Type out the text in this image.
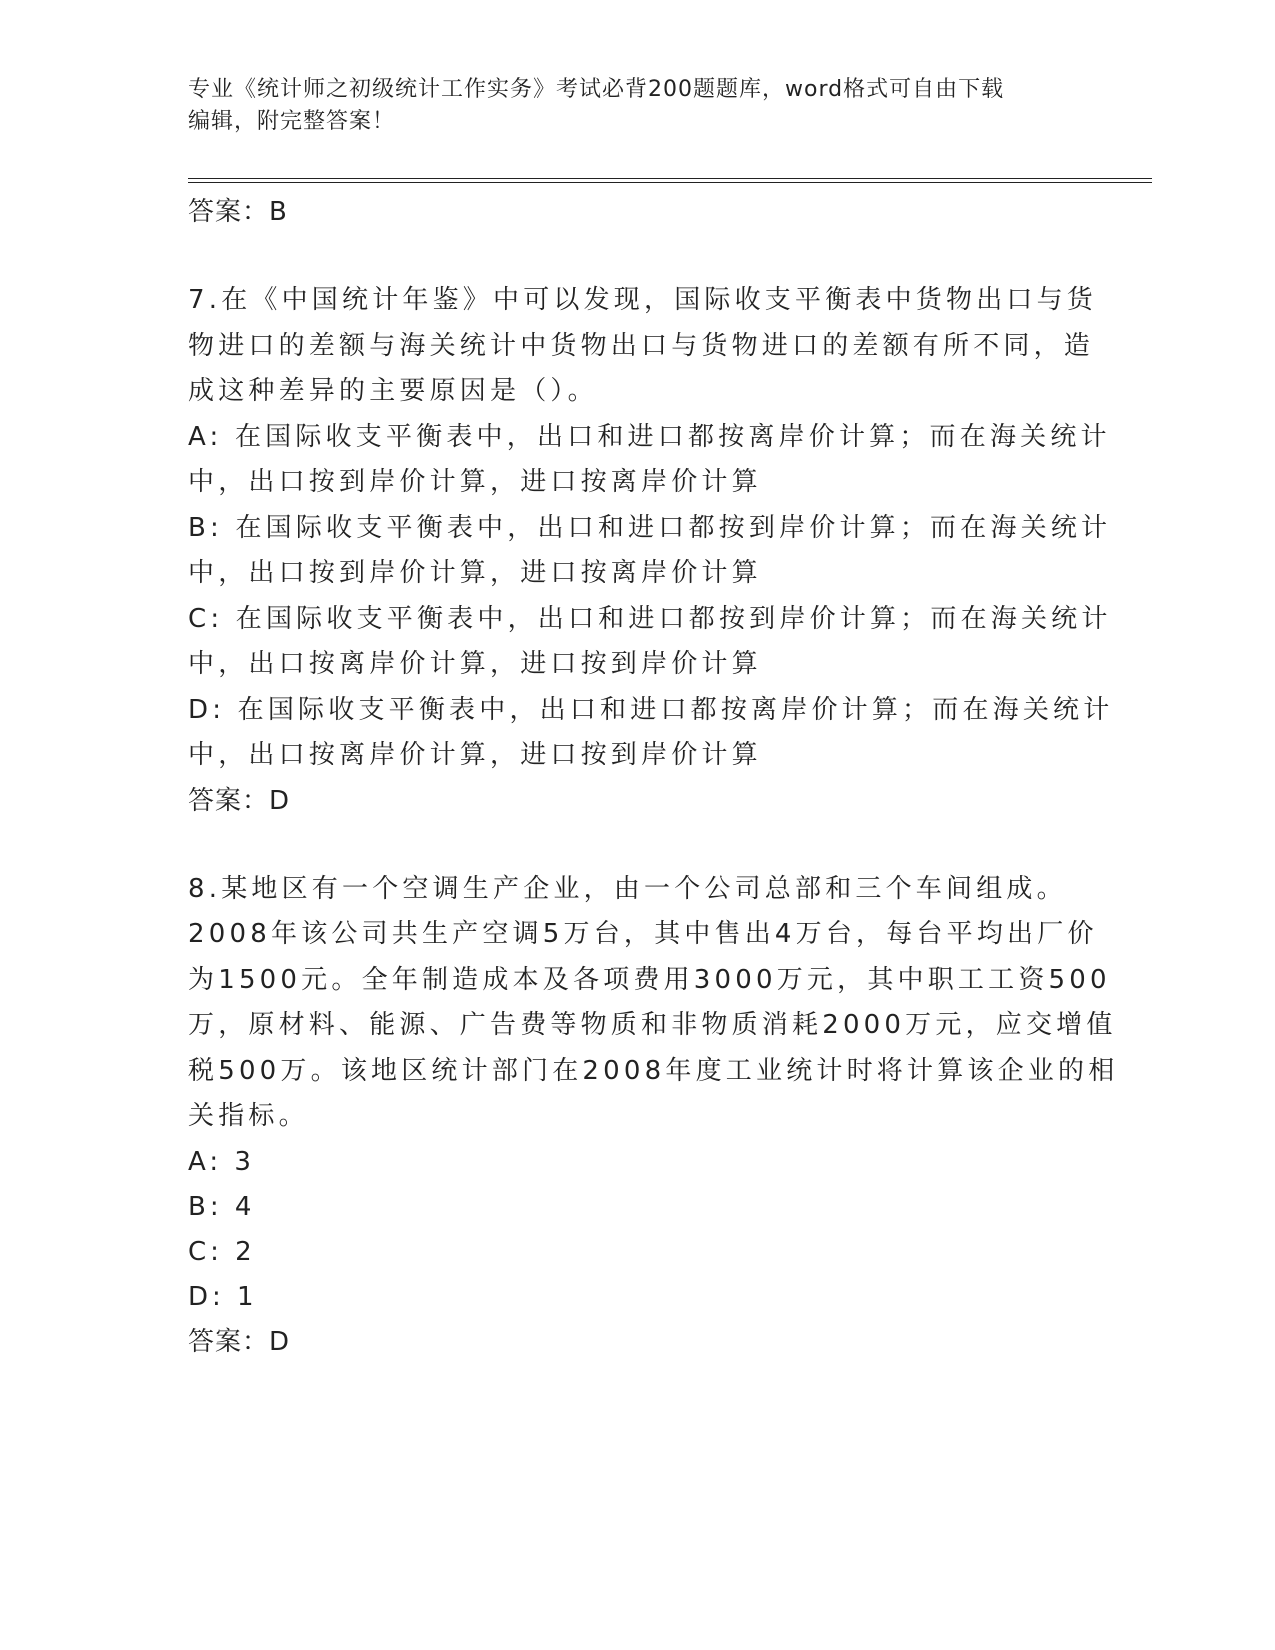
专业《统计师之初级统计工作实务》考试必背200题题库，word格式可自由下载
编辑，附完整答案！
答案：B
7.在《中国统计年鉴》中可以发现，国际收支平衡表中货物出口与货
物进口的差额与海关统计中货物出口与货物进口的差额有所不同，造
成这种差异的主要原因是（）。
A: 在国际收支平衡表中，出口和进口都按离岸价计算；而在海关统计
中，出口按到岸价计算，进口按离岸价计算
B: 在国际收支平衡表中，出口和进口都按到岸价计算；而在海关统计
中，出口按到岸价计算，进口按离岸价计算
C: 在国际收支平衡表中，出口和进口都按到岸价计算；而在海关统计
中，出口按离岸价计算，进口按到岸价计算
D: 在国际收支平衡表中，出口和进口都按离岸价计算；而在海关统计
中，出口按离岸价计算，进口按到岸价计算
答案：D
8.某地区有一个空调生产企业，由一个公司总部和三个车间组成。
2008年该公司共生产空调5万台，其中售出4万台，每台平均出厂价
为1500元。全年制造成本及各项费用3000万元，其中职工工资500
万，原材料、能源、广告费等物质和非物质消耗2000万元，应交增值
税500万。该地区统计部门在2008年度工业统计时将计算该企业的相
关指标。
A: 3
B: 4
C: 2
D: 1
答案：D
